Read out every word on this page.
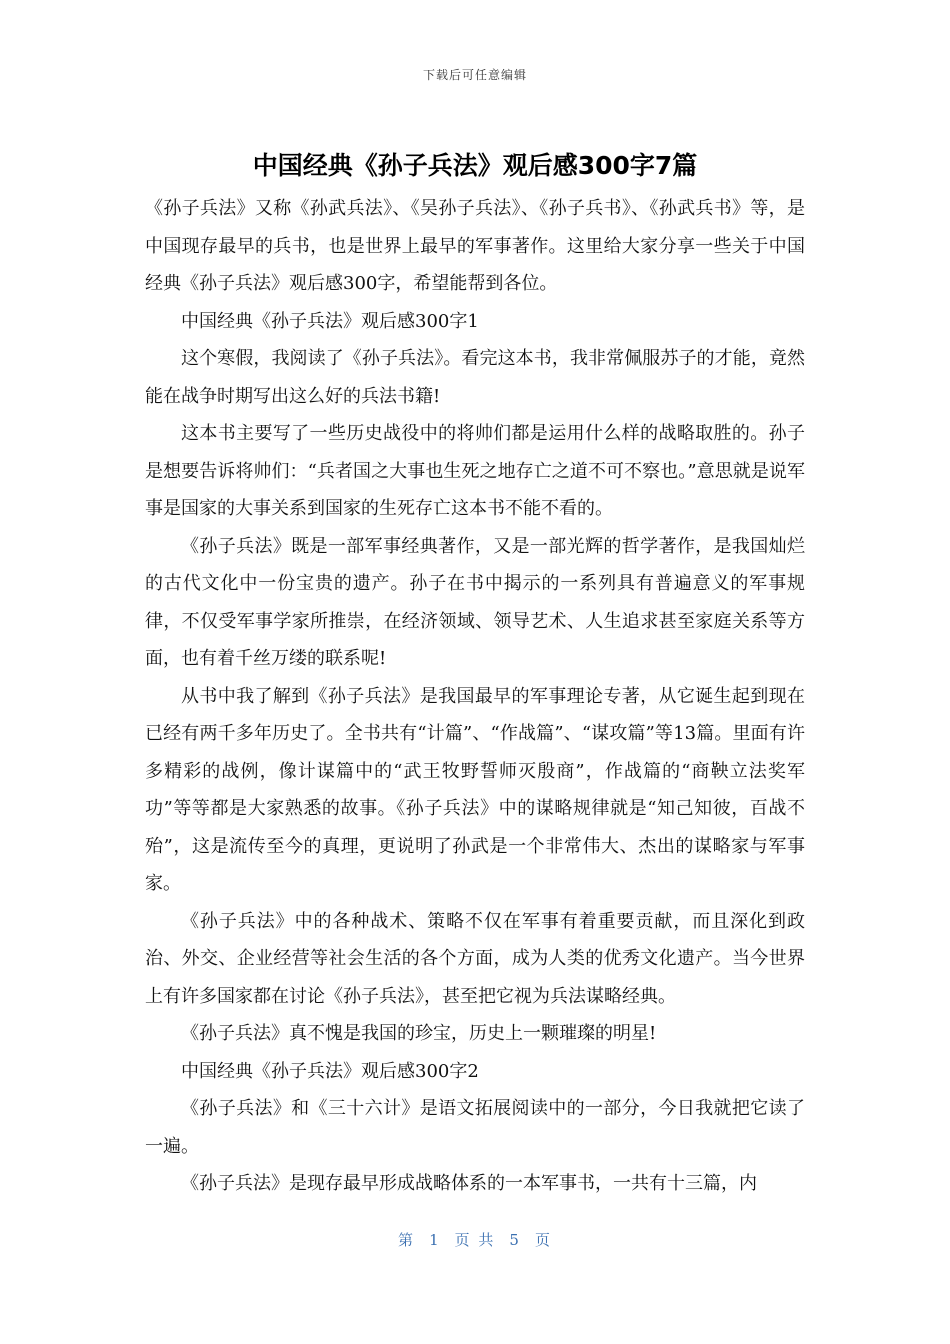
下载后可任意编辑
中国经典《孙子兵法》观后感300字7篇

《孙子兵法》又称《孙武兵法》、《吴孙子兵法》、《孙子兵书》、《孙武兵书》等，是中国现存最早的兵书，也是世界上最早的军事著作。这里给大家分享一些关于中国经典《孙子兵法》观后感300字，希望能帮到各位。

中国经典《孙子兵法》观后感300字1

这个寒假，我阅读了《孙子兵法》。看完这本书，我非常佩服苏子的才能，竟然能在战争时期写出这么好的兵法书籍!

这本书主要写了一些历史战役中的将帅们都是运用什么样的战略取胜的。孙子是想要告诉将帅们：“兵者国之大事也生死之地存亡之道不可不察也。”意思就是说军事是国家的大事关系到国家的生死存亡这本书不能不看的。

《孙子兵法》既是一部军事经典著作，又是一部光辉的哲学著作，是我国灿烂的古代文化中一份宝贵的遗产。孙子在书中揭示的一系列具有普遍意义的军事规律，不仅受军事学家所推崇，在经济领域、领导艺术、人生追求甚至家庭关系等方面，也有着千丝万缕的联系呢!

从书中我了解到《孙子兵法》是我国最早的军事理论专著，从它诞生起到现在已经有两千多年历史了。全书共有“计篇”、“作战篇”、“谋攻篇”等13篇。里面有许多精彩的战例，像计谋篇中的“武王牧野誓师灭殷商”，作战篇的“商鞅立法奖军功”等等都是大家熟悉的故事。《孙子兵法》中的谋略规律就是“知己知彼，百战不殆”，这是流传至今的真理，更说明了孙武是一个非常伟大、杰出的谋略家与军事家。

《孙子兵法》中的各种战术、策略不仅在军事有着重要贡献，而且深化到政治、外交、企业经营等社会生活的各个方面，成为人类的优秀文化遗产。当今世界上有许多国家都在讨论《孙子兵法》，甚至把它视为兵法谋略经典。

《孙子兵法》真不愧是我国的珍宝，历史上一颗璀璨的明星!

中国经典《孙子兵法》观后感300字2

《孙子兵法》和《三十六计》是语文拓展阅读中的一部分，今日我就把它读了一遍。

《孙子兵法》是现存最早形成战略体系的一本军事书，一共有十三篇，内

第 1 页 共 5 页
